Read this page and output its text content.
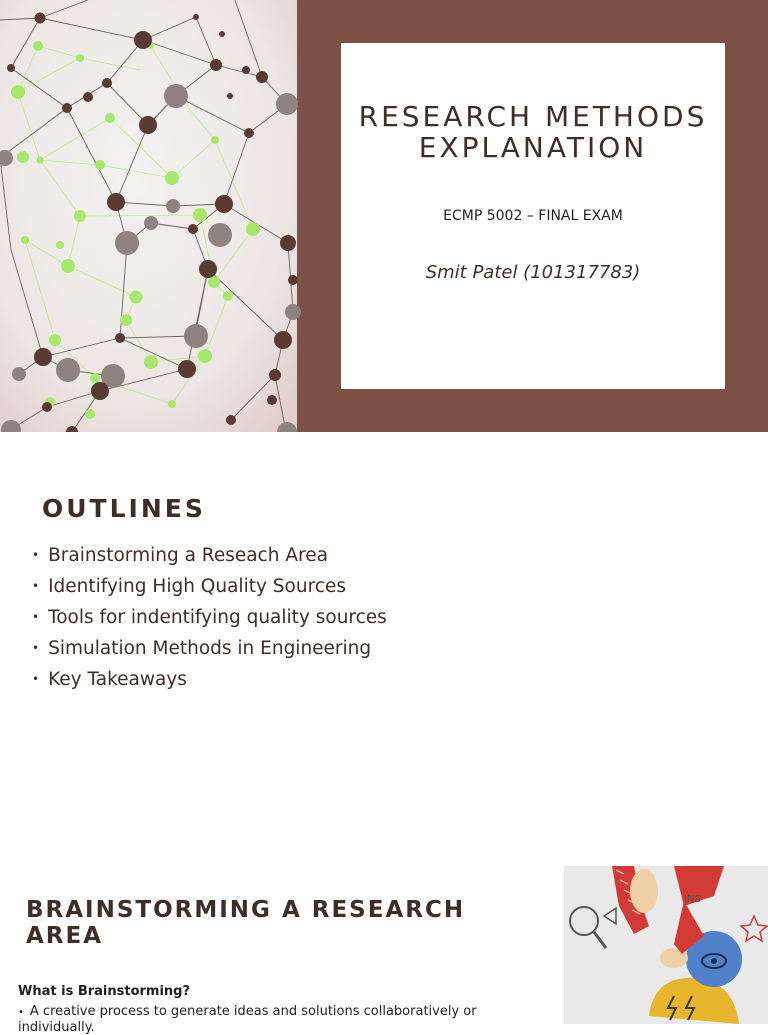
RESEARCH METHODS EXPLANATION
ECMP 5002 – FINAL EXAM
Smit Patel (101317783)
OUTLINES
• Brainstorming a Reseach Area
• Identifying High Quality Sources
• Tools for indentifying quality sources
• Simulation Methods in Engineering
• Key Takeaways
BRAINSTORMING A RESEARCH AREA
What is Brainstorming?
• A creative process to generate ideas and solutions collaboratively or individually.
INS
